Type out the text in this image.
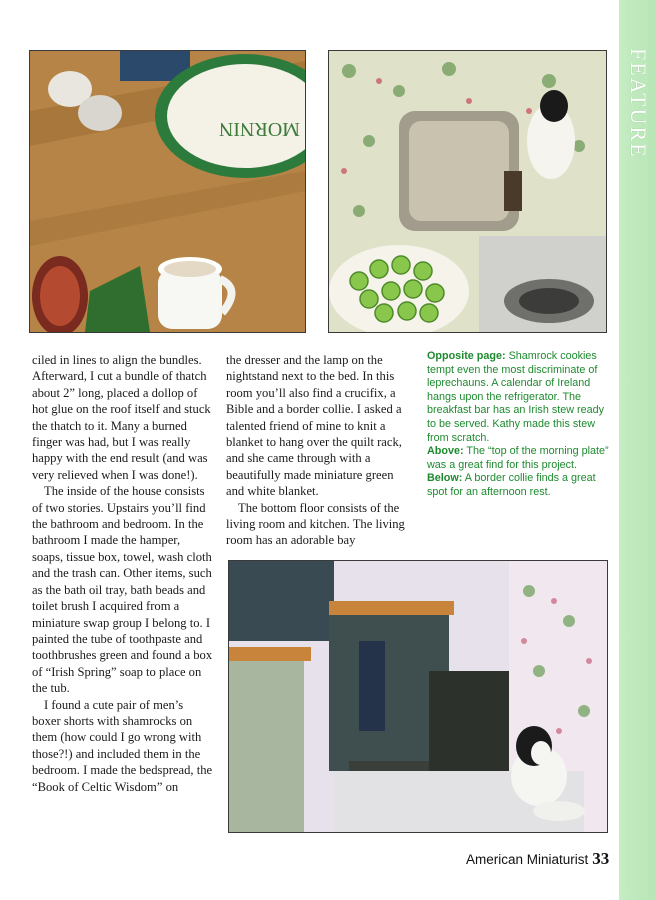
FEATURE
MORNIN

ciled in lines to align the bundles. Afterward, I cut a bundle of thatch about 2” long, placed a dollop of hot glue on the roof itself and stuck the thatch to it. Many a burned finger was had, but I was really happy with the end result (and was very relieved when I was done!).

The inside of the house consists of two stories. Upstairs you’ll find the bathroom and bedroom. In the bathroom I made the hamper, soaps, tissue box, towel, wash cloth and the trash can. Other items, such as the bath oil tray, bath beads and toilet brush I acquired from a miniature swap group I belong to. I painted the tube of toothpaste and toothbrushes green and found a box of “Irish Spring” soap to place on the tub.

I found a cute pair of men’s boxer shorts with shamrocks on them (how could I go wrong with those?!) and included them in the bedroom. I made the bedspread, the “Book of Celtic Wisdom” on

the dresser and the lamp on the nightstand next to the bed. In this room you’ll also find a crucifix, a Bible and a border collie. I asked a talented friend of mine to knit a blanket to hang over the quilt rack, and she came through with a beautifully made miniature green and white blanket.

The bottom floor consists of the living room and kitchen. The living room has an adorable bay

Opposite page: Shamrock cookies tempt even the most discriminate of leprechauns. A calendar of Ireland hangs upon the refrigerator. The breakfast bar has an Irish stew ready to be served. Kathy made this stew from scratch.

Above: The “top of the morning plate” was a great find for this project.

Below: A border collie finds a great spot for an afternoon rest.

American Miniaturist 33
